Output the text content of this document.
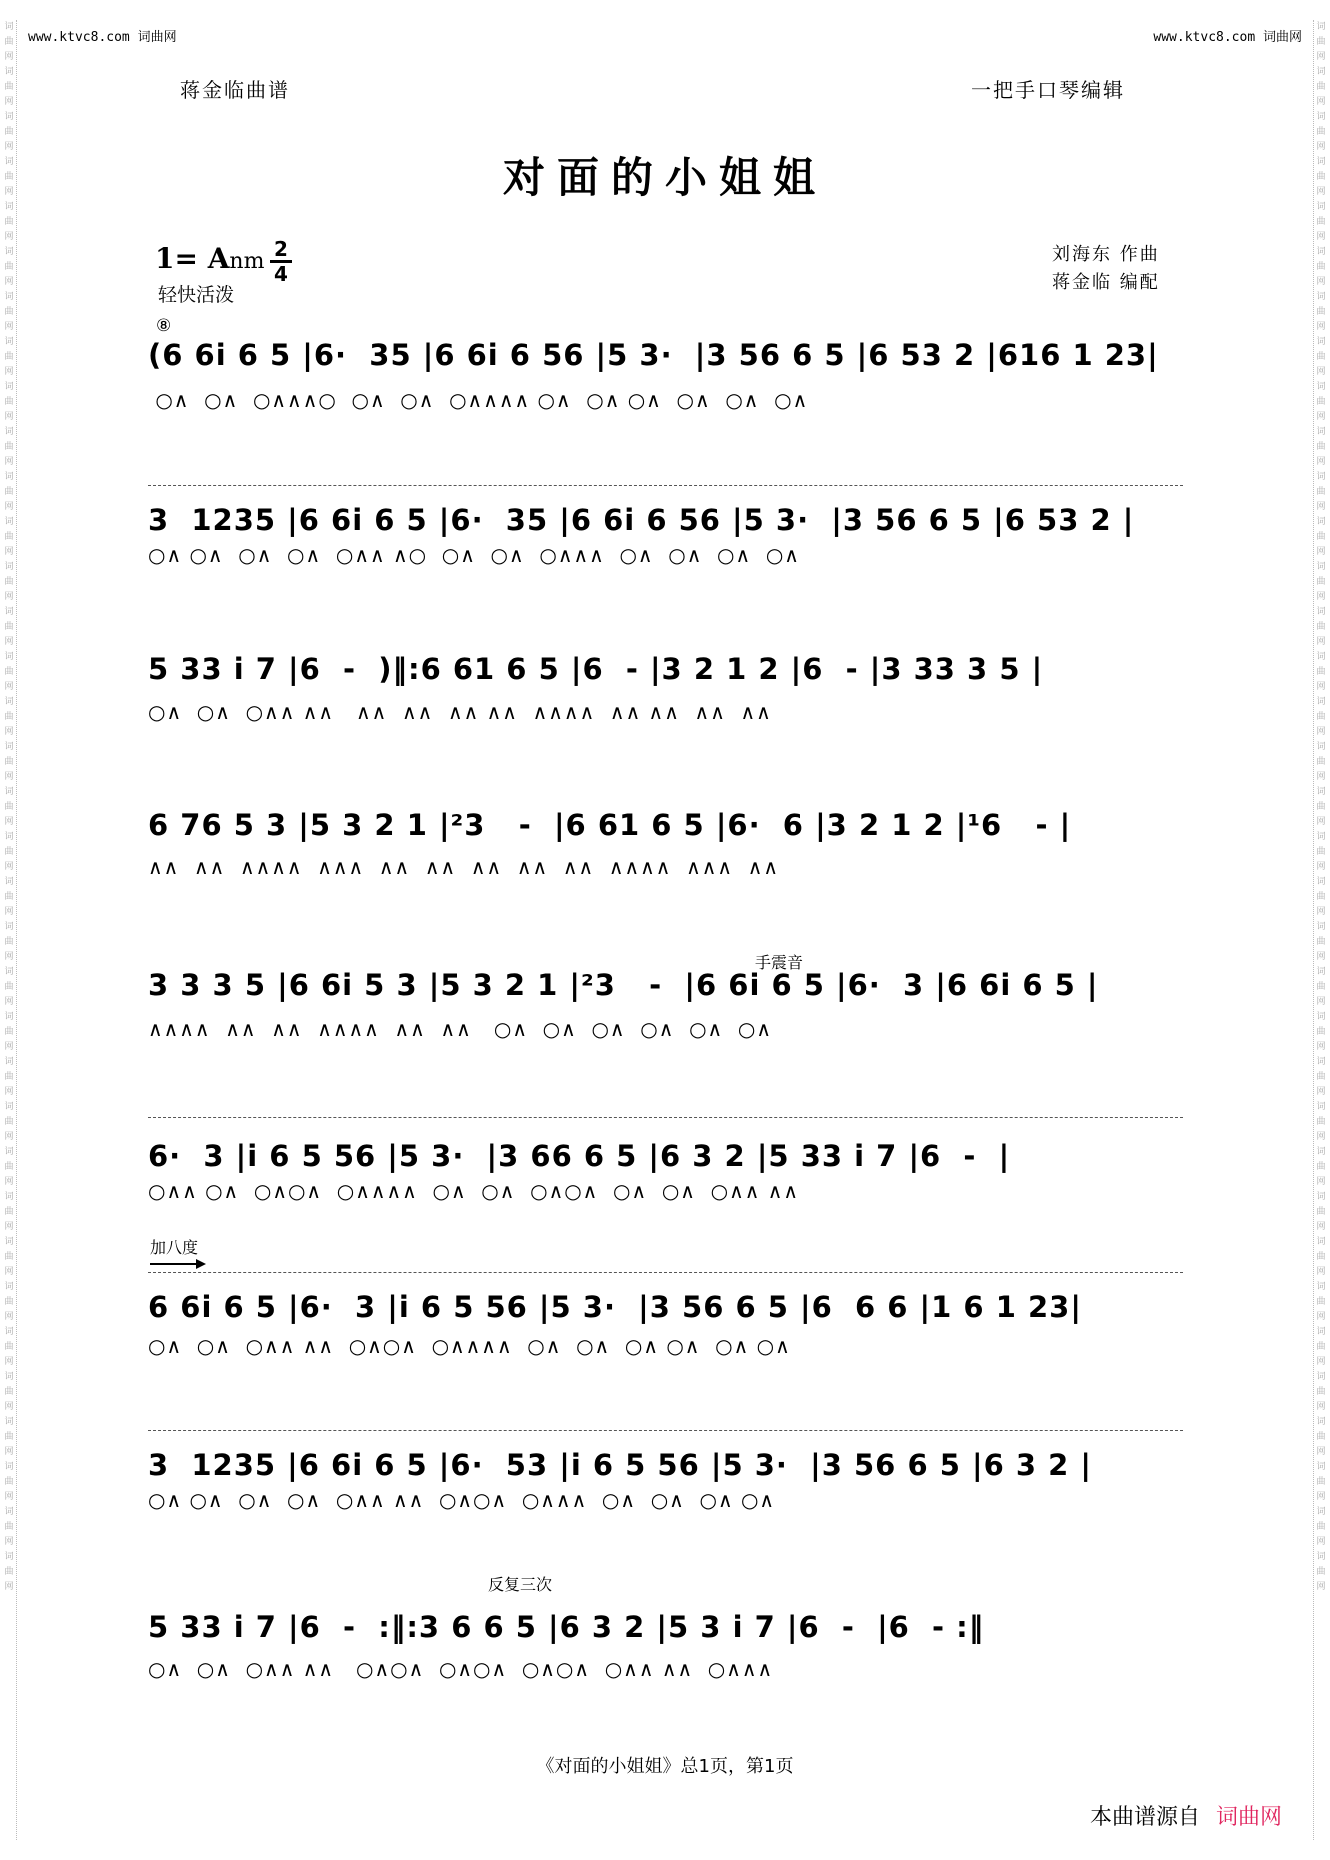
词曲网词曲网词曲网词曲网词曲网词曲网词曲网词曲网词曲网词曲网词曲网词曲网词曲网词曲网词曲网词曲网词曲网词曲网词曲网词曲网词曲网词曲网词曲网词曲网词曲网词曲网词曲网词曲网词曲网词曲网词曲网词曲网词曲网词曲网词曲网
词曲网词曲网词曲网词曲网词曲网词曲网词曲网词曲网词曲网词曲网词曲网词曲网词曲网词曲网词曲网词曲网词曲网词曲网词曲网词曲网词曲网词曲网词曲网词曲网词曲网词曲网词曲网词曲网词曲网词曲网词曲网词曲网词曲网词曲网词曲网
www.ktvc8.com 词曲网	www.ktvc8.com 词曲网
蒋金临曲谱	一把手口琴编辑
对面的小姐姐
1= Anm $\frac{2}{4}$
轻快活泼
刘海东 作曲
蒋金临 编配
⑧
(6 6i 6 5 |6·  35 |6 6i 6 56 |5 3·  |3 56 6 5 |6 53 2 |616 1 23|
○∧  ○∧  ○∧∧∧○  ○∧  ○∧  ○∧∧∧∧ ○∧  ○∧ ○∧  ○∧  ○∧  ○∧
3  1235 |6 6i 6 5 |6·  35 |6 6i 6 56 |5 3·  |3 56 6 5 |6 53 2 |
○∧ ○∧  ○∧  ○∧  ○∧∧ ∧○  ○∧  ○∧  ○∧∧∧  ○∧  ○∧  ○∧  ○∧
5 33 i 7 |6  -  )‖:6 61 6 5 |6  - |3 2 1 2 |6  - |3 33 3 5 |
○∧  ○∧  ○∧∧ ∧∧   ∧∧  ∧∧  ∧∧ ∧∧  ∧∧∧∧  ∧∧ ∧∧  ∧∧  ∧∧
6 76 5 3 |5 3 2 1 |²3   -  |6 61 6 5 |6·  6 |3 2 1 2 |¹6   - |
∧∧  ∧∧  ∧∧∧∧  ∧∧∧  ∧∧  ∧∧  ∧∧  ∧∧  ∧∧  ∧∧∧∧  ∧∧∧  ∧∧
手震音
3 3 3 5 |6 6i 5 3 |5 3 2 1 |²3   -  |6 6i 6 5 |6·  3 |6 6i 6 5 |
∧∧∧∧  ∧∧  ∧∧  ∧∧∧∧  ∧∧  ∧∧   ○∧  ○∧  ○∧  ○∧  ○∧  ○∧
6·  3 |i 6 5 56 |5 3·  |3 66 6 5 |6 3 2 |5 33 i 7 |6  -  |
○∧∧ ○∧  ○∧○∧  ○∧∧∧∧  ○∧  ○∧  ○∧○∧  ○∧  ○∧  ○∧∧ ∧∧
加八度
6 6i 6 5 |6·  3 |i 6 5 56 |5 3·  |3 56 6 5 |6  6 6 |1 6 1 23|
○∧  ○∧  ○∧∧ ∧∧  ○∧○∧  ○∧∧∧∧  ○∧  ○∧  ○∧ ○∧  ○∧ ○∧
3  1235 |6 6i 6 5 |6·  53 |i 6 5 56 |5 3·  |3 56 6 5 |6 3 2 |
○∧ ○∧  ○∧  ○∧  ○∧∧ ∧∧  ○∧○∧  ○∧∧∧  ○∧  ○∧  ○∧ ○∧
反复三次
5 33 i 7 |6  -  :‖:3 6 6 5 |6 3 2 |5 3 i 7 |6  -  |6  - :‖
○∧  ○∧  ○∧∧ ∧∧   ○∧○∧  ○∧○∧  ○∧○∧  ○∧∧ ∧∧  ○∧∧∧
《对面的小姐姐》总1页，第1页
本曲谱源自 词曲网
